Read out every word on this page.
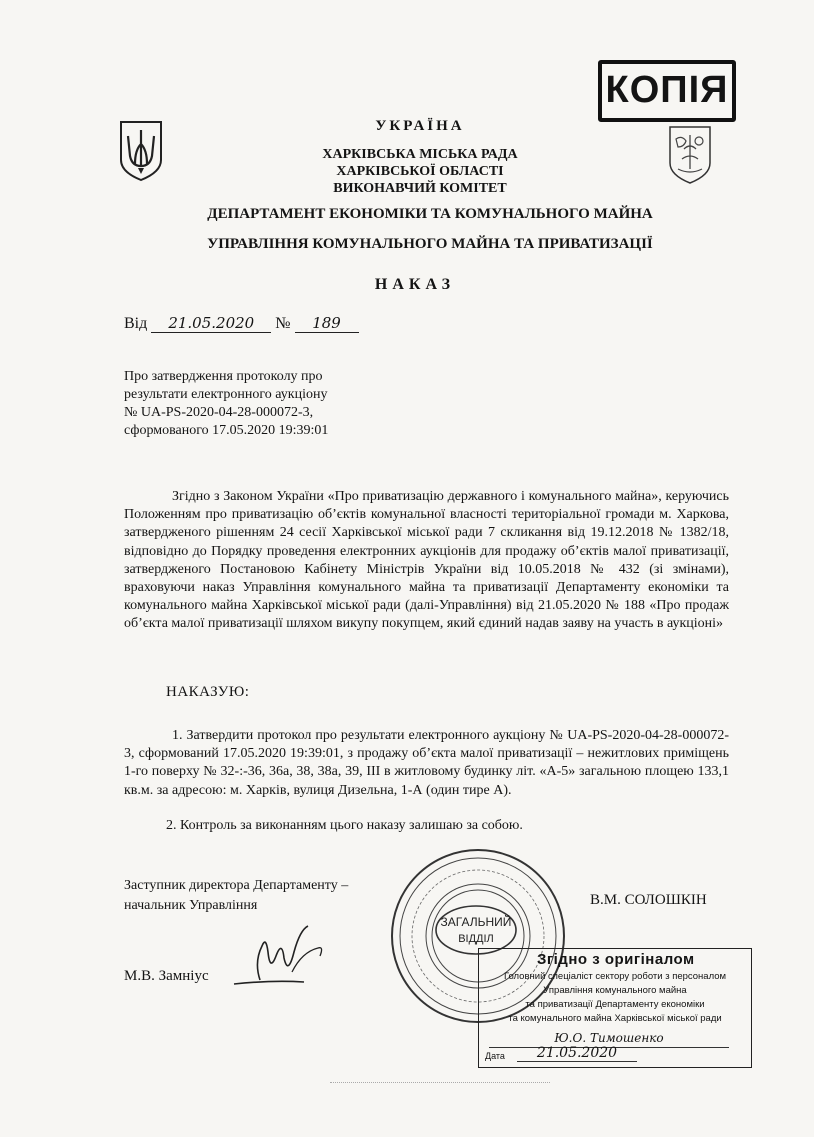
КОПІЯ
УКРАЇНА
ХАРКІВСЬКА МІСЬКА РАДА
ХАРКІВСЬКОЇ ОБЛАСТІ
ВИКОНАВЧИЙ КОМІТЕТ
ДЕПАРТАМЕНТ ЕКОНОМІКИ ТА КОМУНАЛЬНОГО МАЙНА
УПРАВЛІННЯ КОМУНАЛЬНОГО МАЙНА ТА ПРИВАТИЗАЦІЇ
НАКАЗ
Від 21.05.2020 № 189
Про затвердження протоколу про
результати електронного аукціону
№ UA-PS-2020-04-28-000072-3,
сформованого 17.05.2020 19:39:01
Згідно з Законом України «Про приватизацію державного і комунального майна», керуючись Положенням про приватизацію об’єктів комунальної власності територіальної громади м. Харкова, затвердженого рішенням 24 сесії Харківської міської ради 7 скликання від 19.12.2018 № 1382/18, відповідно до Порядку проведення електронних аукціонів для продажу об’єктів малої приватизації, затвердженого Постановою Кабінету Міністрів України від 10.05.2018 № 432 (зі змінами), враховуючи наказ Управління комунального майна та приватизації Департаменту економіки та комунального майна Харківської міської ради (далі-Управління) від 21.05.2020 № 188 «Про продаж об’єкта малої приватизації шляхом викупу покупцем, який єдиний надав заяву на участь в аукціоні»
НАКАЗУЮ:
1. Затвердити протокол про результати електронного аукціону № UA-PS-2020-04-28-000072-3, сформований 17.05.2020 19:39:01, з продажу об’єкта малої приватизації – нежитлових приміщень 1-го поверху № 32-:-36, 36а, 38, 38а, 39, ІІІ в житловому будинку літ. «А-5» загальною площею 133,1 кв.м. за адресою: м. Харків, вулиця Дизельна, 1-А (один тире А).
2. Контроль за виконанням цього наказу залишаю за собою.
Заступник директора Департаменту –
начальник Управління	В.М. СОЛОШКІН
М.В. Замніус
ЗАГАЛЬНИЙ
ВІДДІЛ
Згідно з оригіналом
Головний спеціаліст сектору роботи з персоналом
Управління комунального майна
та приватизації Департаменту економіки
та комунального майна Харківської міської ради
Ю.О. Тимошенко
Дата	21.05.2020
